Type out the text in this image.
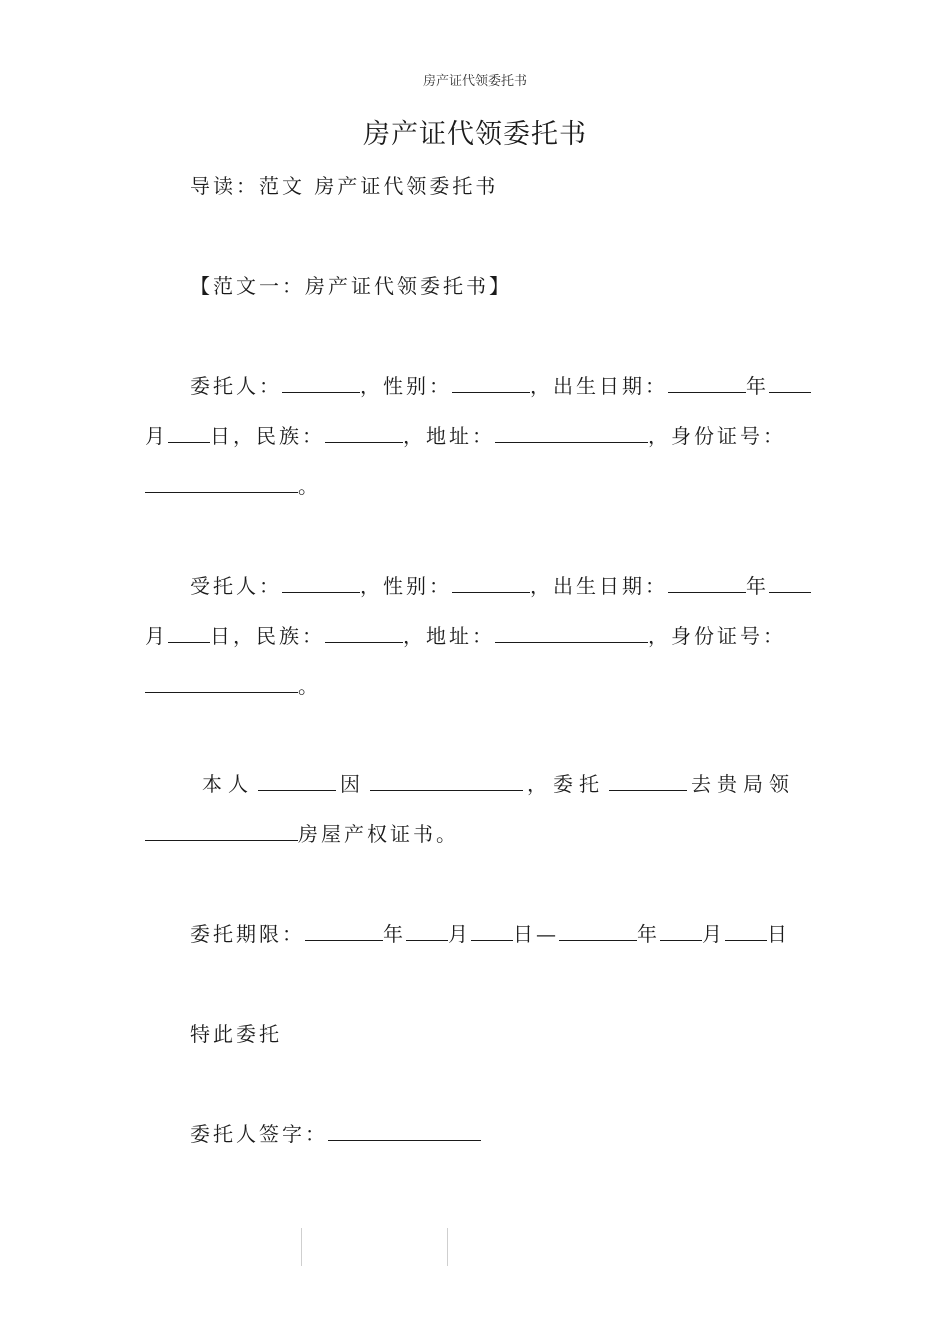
房产证代领委托书
房产证代领委托书
导读：范文 房产证代领委托书
【范文一：房产证代领委托书】
委托人：	，性别：	，出生日期：	年
月 日，民族：	，地址：	，身份证号：
。
受托人：	，性别：	，出生日期：	年
月 日，民族：	，地址：	，身份证号：
。
本人	因	，委托	去贵局领
房屋产权证书。
委托期限：	年 月 日—	年 月 日
特此委托
委托人签字：
